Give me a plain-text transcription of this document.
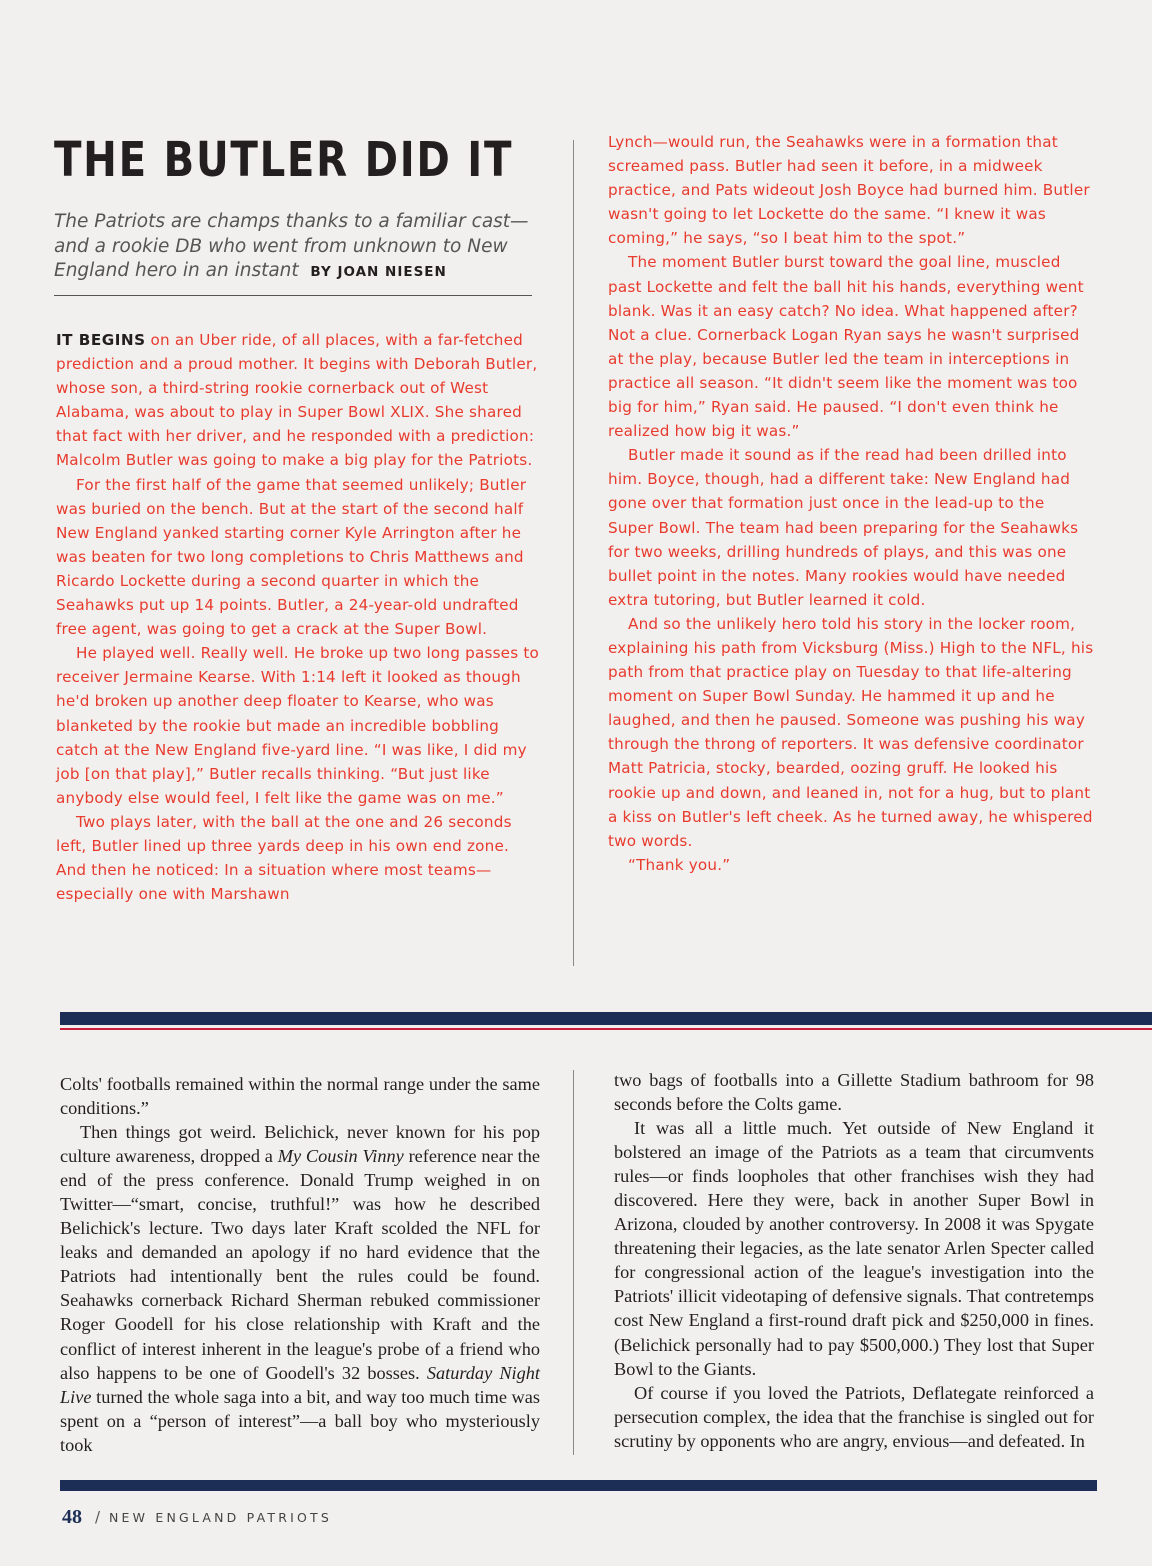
THE BUTLER DID IT

The Patriots are champs thanks to a familiar cast—and a rookie DB who went from unknown to New England hero in an instant BY JOAN NIESEN

IT BEGINS on an Uber ride, of all places, with a far-fetched prediction and a proud mother. It begins with Deborah Butler, whose son, a third-string rookie cornerback out of West Alabama, was about to play in Super Bowl XLIX. She shared that fact with her driver, and he responded with a prediction: Malcolm Butler was going to make a big play for the Patriots.

For the first half of the game that seemed unlikely; Butler was buried on the bench. But at the start of the second half New England yanked starting corner Kyle Arrington after he was beaten for two long completions to Chris Matthews and Ricardo Lockette during a second quarter in which the Seahawks put up 14 points. Butler, a 24-year-old undrafted free agent, was going to get a crack at the Super Bowl.

He played well. Really well. He broke up two long passes to receiver Jermaine Kearse. With 1:14 left it looked as though he'd broken up another deep floater to Kearse, who was blanketed by the rookie but made an incredible bobbling catch at the New England five-yard line. “I was like, I did my job [on that play],” Butler recalls thinking. “But just like anybody else would feel, I felt like the game was on me.”

Two plays later, with the ball at the one and 26 seconds left, Butler lined up three yards deep in his own end zone. And then he noticed: In a situation where most teams—especially one with Marshawn

Lynch—would run, the Seahawks were in a formation that screamed pass. Butler had seen it before, in a midweek practice, and Pats wideout Josh Boyce had burned him. Butler wasn't going to let Lockette do the same. “I knew it was coming,” he says, “so I beat him to the spot.”

The moment Butler burst toward the goal line, muscled past Lockette and felt the ball hit his hands, everything went blank. Was it an easy catch? No idea. What happened after? Not a clue. Cornerback Logan Ryan says he wasn't surprised at the play, because Butler led the team in interceptions in practice all season. “It didn't seem like the moment was too big for him,” Ryan said. He paused. “I don't even think he realized how big it was.”

Butler made it sound as if the read had been drilled into him. Boyce, though, had a different take: New England had gone over that formation just once in the lead-up to the Super Bowl. The team had been preparing for the Seahawks for two weeks, drilling hundreds of plays, and this was one bullet point in the notes. Many rookies would have needed extra tutoring, but Butler learned it cold.

And so the unlikely hero told his story in the locker room, explaining his path from Vicksburg (Miss.) High to the NFL, his path from that practice play on Tuesday to that life-altering moment on Super Bowl Sunday. He hammed it up and he laughed, and then he paused. Someone was pushing his way through the throng of reporters. It was defensive coordinator Matt Patricia, stocky, bearded, oozing gruff. He looked his rookie up and down, and leaned in, not for a hug, but to plant a kiss on Butler's left cheek. As he turned away, he whispered two words.

“Thank you.”

Colts' footballs remained within the normal range under the same conditions.”

Then things got weird. Belichick, never known for his pop culture awareness, dropped a My Cousin Vinny reference near the end of the press conference. Donald Trump weighed in on Twitter—“smart, concise, truthful!” was how he described Belichick's lecture. Two days later Kraft scolded the NFL for leaks and demanded an apology if no hard evidence that the Patriots had intentionally bent the rules could be found. Seahawks cornerback Richard Sherman rebuked commissioner Roger Goodell for his close relationship with Kraft and the conflict of interest inherent in the league's probe of a friend who also happens to be one of Goodell's 32 bosses. Saturday Night Live turned the whole saga into a bit, and way too much time was spent on a “person of interest”—a ball boy who mysteriously took

two bags of footballs into a Gillette Stadium bathroom for 98 seconds before the Colts game.

It was all a little much. Yet outside of New England it bolstered an image of the Patriots as a team that circumvents rules—or finds loopholes that other franchises wish they had discovered. Here they were, back in another Super Bowl in Arizona, clouded by another controversy. In 2008 it was Spygate threatening their legacies, as the late senator Arlen Specter called for congressional action of the league's investigation into the Patriots' illicit videotaping of defensive signals. That contretemps cost New England a first-round draft pick and $250,000 in fines. (Belichick personally had to pay $500,000.) They lost that Super Bowl to the Giants.

Of course if you loved the Patriots, Deflategate reinforced a persecution complex, the idea that the franchise is singled out for scrutiny by opponents who are angry, envious—and defeated. In

48 / NEW ENGLAND PATRIOTS
